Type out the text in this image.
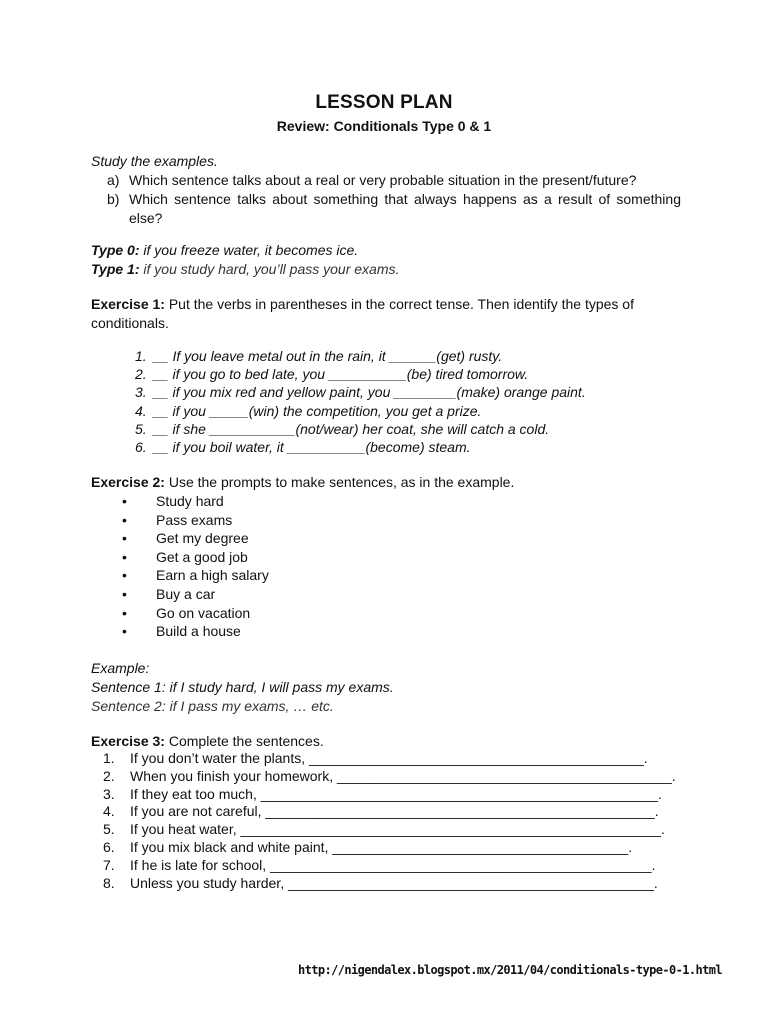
LESSON PLAN
Review: Conditionals Type 0 & 1
Study the examples.
a) Which sentence talks about a real or very probable situation in the present/future?
b) Which sentence talks about something that always happens as a result of something else?
Type 0: if you freeze water, it becomes ice.
Type 1: if you study hard, you’ll pass your exams.
Exercise 1: Put the verbs in parentheses in the correct tense. Then identify the types of conditionals.
1. __ If you leave metal out in the rain, it ______(get) rusty.
2. __ if you go to bed late, you __________(be) tired tomorrow.
3. __ if you mix red and yellow paint, you ________(make) orange paint.
4. __ if you _____(win) the competition, you get a prize.
5. __ if she ___________(not/wear) her coat, she will catch a cold.
6. __ if you boil water, it __________(become) steam.
Exercise 2: Use the prompts to make sentences, as in the example.
• Study hard
• Pass exams
• Get my degree
• Get a good job
• Earn a high salary
• Buy a car
• Go on vacation
• Build a house
Example:
Sentence 1: if I study hard, I will pass my exams.
Sentence 2: if I pass my exams, … etc.
Exercise 3: Complete the sentences.
1. If you don’t water the plants, ___________________________________________.
2. When you finish your homework, ___________________________________________.
3. If they eat too much, ___________________________________________________.
4. If you are not careful, __________________________________________________.
5. If you heat water, ______________________________________________________.
6. If you mix black and white paint, ______________________________________.
7. If he is late for school, _________________________________________________.
8. Unless you study harder, _______________________________________________.
http://nigendalex.blogspot.mx/2011/04/conditionals-type-0-1.html
